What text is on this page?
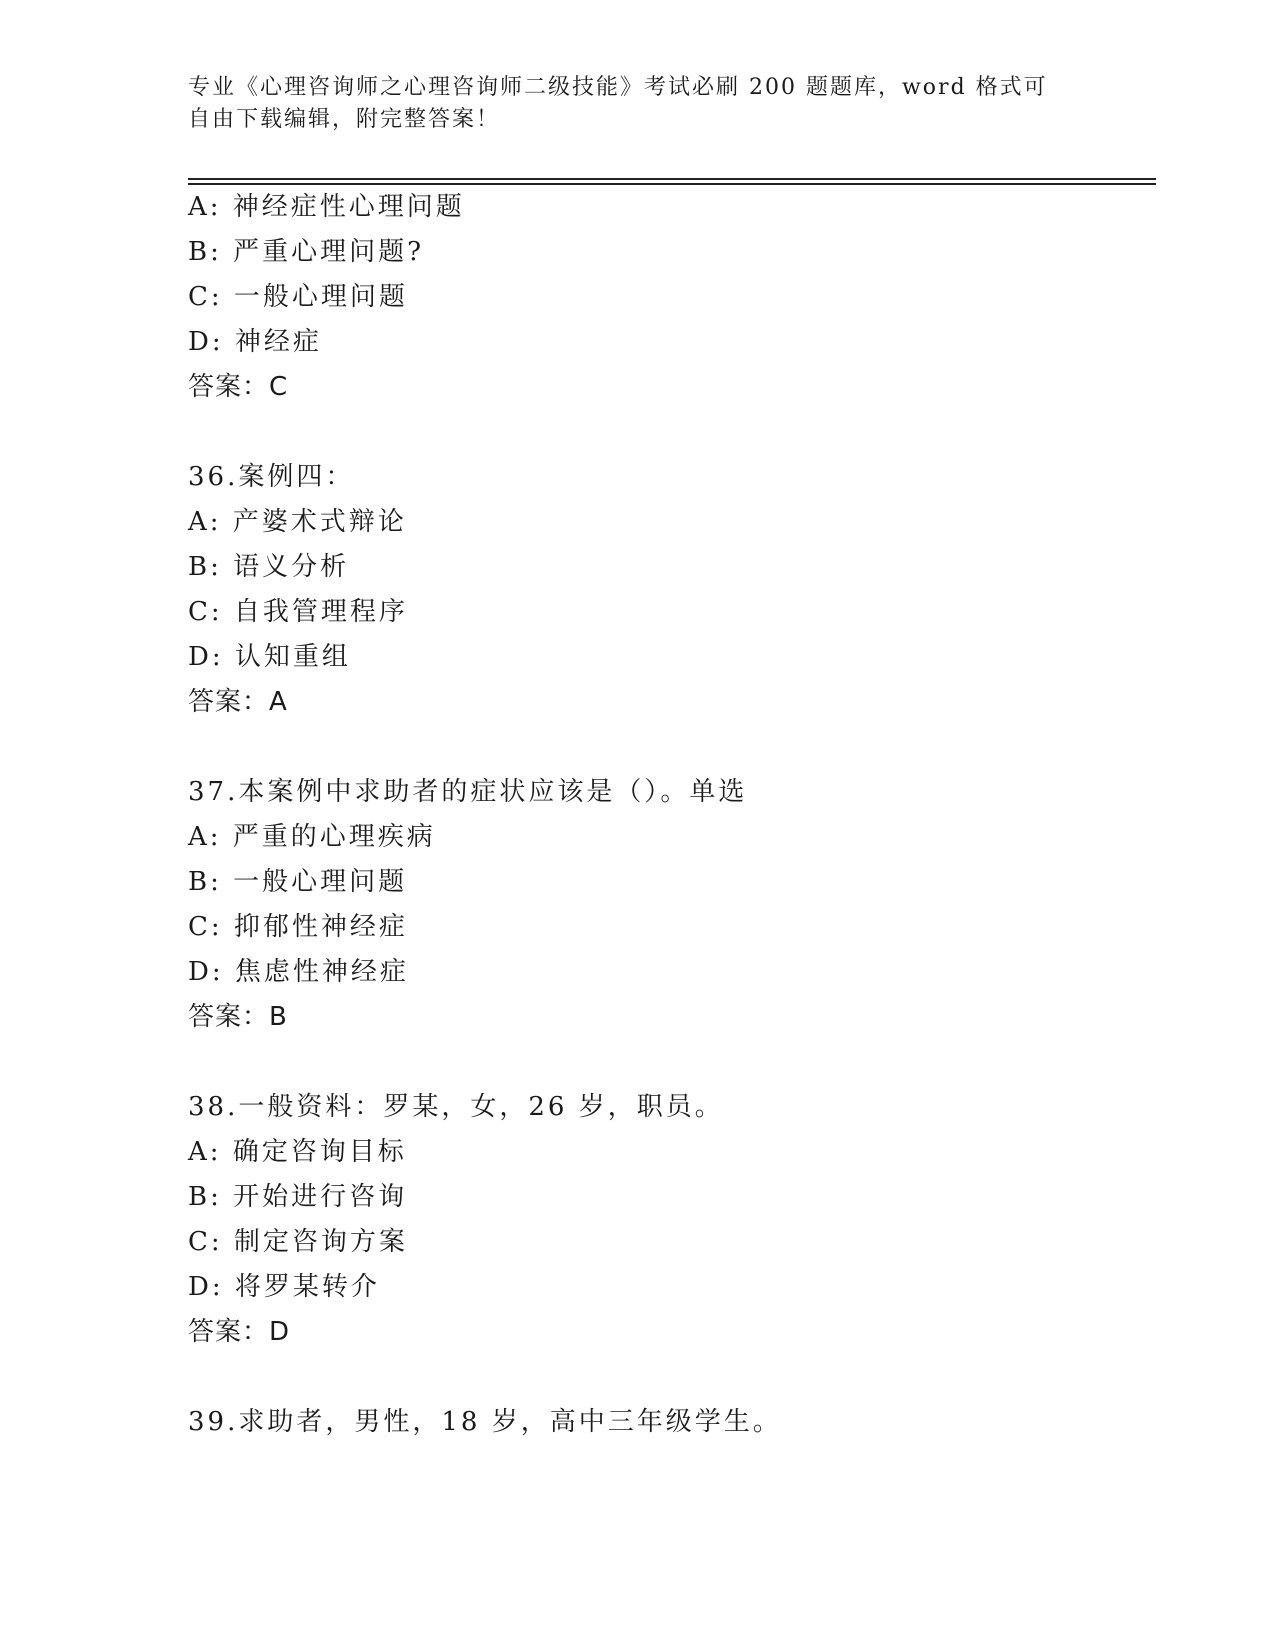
专业《心理咨询师之心理咨询师二级技能》考试必刷 200 题题库，word 格式可自由下载编辑，附完整答案！
A: 神经症性心理问题
B: 严重心理问题?
C: 一般心理问题
D: 神经症
答案：C
36.案例四：
A: 产婆术式辩论
B: 语义分析
C: 自我管理程序
D: 认知重组
答案：A
37.本案例中求助者的症状应该是（）。单选
A: 严重的心理疾病
B: 一般心理问题
C: 抑郁性神经症
D: 焦虑性神经症
答案：B
38.一般资料：罗某，女，26 岁，职员。
A: 确定咨询目标
B: 开始进行咨询
C: 制定咨询方案
D: 将罗某转介
答案：D
39.求助者，男性，18 岁，高中三年级学生。
